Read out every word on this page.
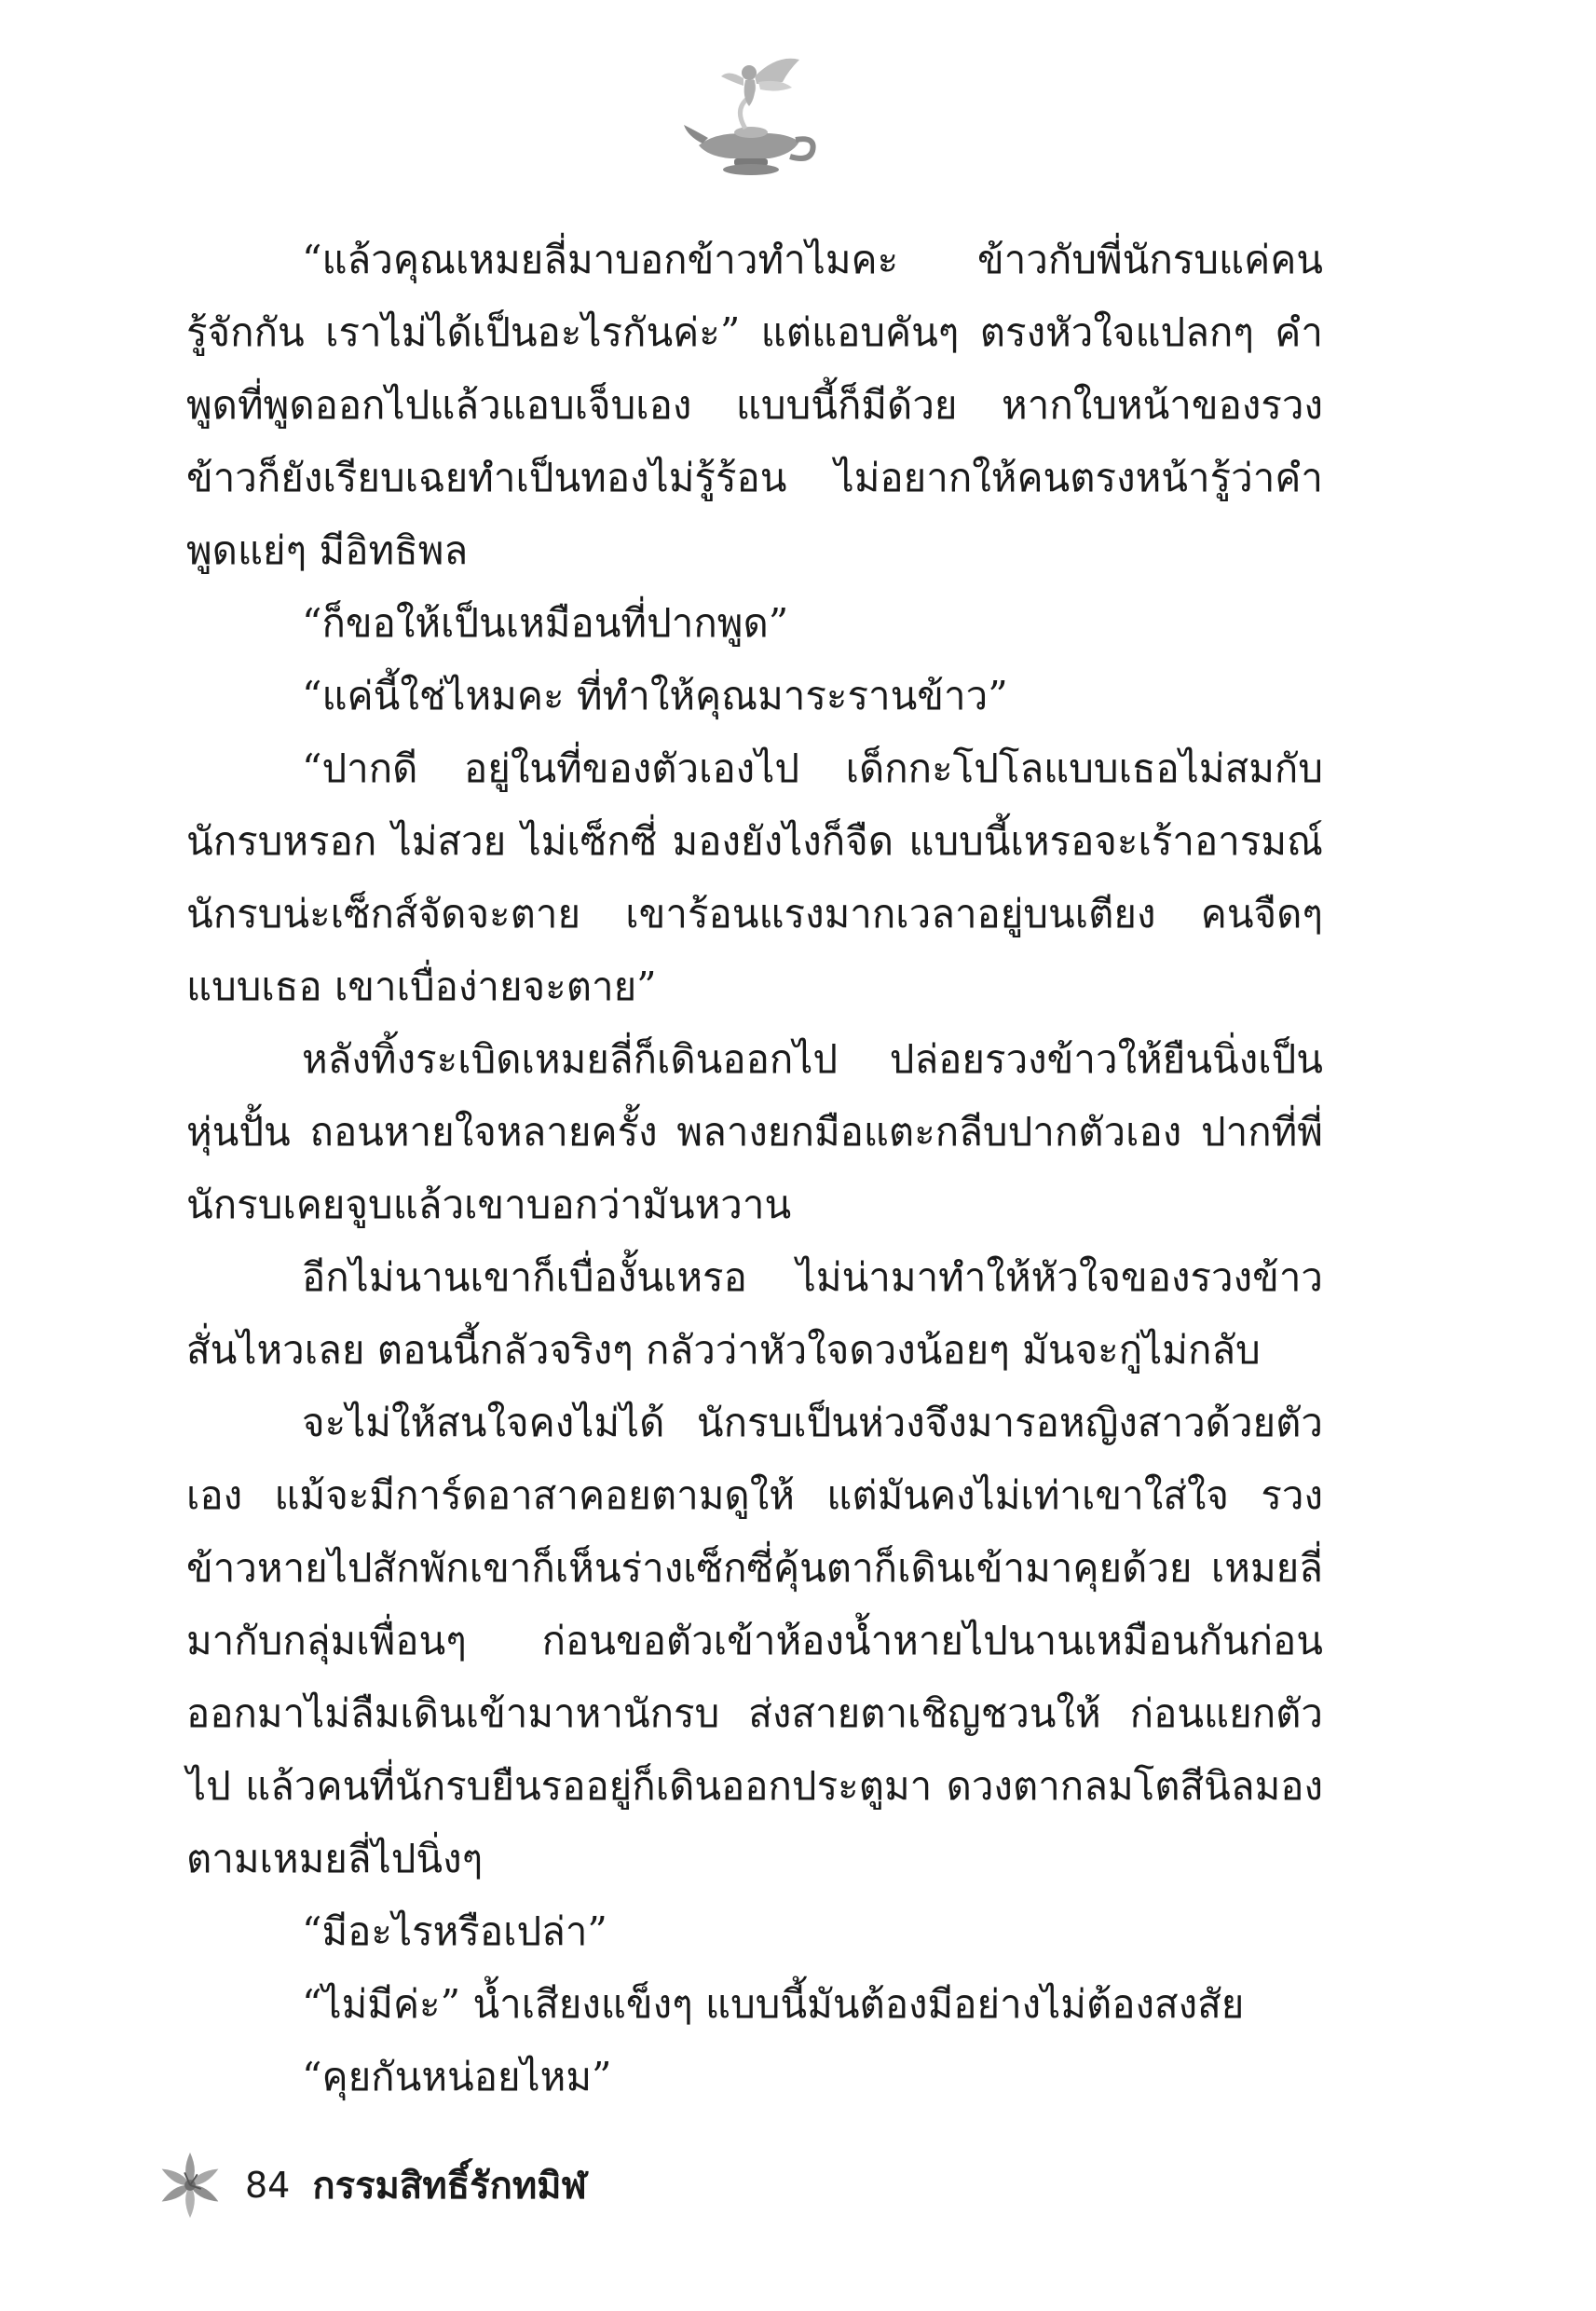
“แล้วคุณเหมยลี่มาบอกข้าวทำไมคะ ข้าวกับพี่นักรบแค่คนรู้จักกัน เราไม่ได้เป็นอะไรกันค่ะ” แต่แอบคันๆ ตรงหัวใจแปลกๆ คำพูดที่พูดออกไปแล้วแอบเจ็บเอง แบบนี้ก็มีด้วย หากใบหน้าของรวงข้าวก็ยังเรียบเฉยทำเป็นทองไม่รู้ร้อน ไม่อยากให้คนตรงหน้ารู้ว่าคำพูดแย่ๆ มีอิทธิพล

“ก็ขอให้เป็นเหมือนที่ปากพูด”

“แค่นี้ใช่ไหมคะ ที่ทำให้คุณมาระรานข้าว”

“ปากดี อยู่ในที่ของตัวเองไป เด็กกะโปโลแบบเธอไม่สมกับนักรบหรอก ไม่สวย ไม่เซ็กซี่ มองยังไงก็จืด แบบนี้เหรอจะเร้าอารมณ์นักรบน่ะเซ็กส์จัดจะตาย เขาร้อนแรงมากเวลาอยู่บนเตียง คนจืดๆ แบบเธอ เขาเบื่อง่ายจะตาย”

หลังทิ้งระเบิดเหมยลี่ก็เดินออกไป ปล่อยรวงข้าวให้ยืนนิ่งเป็นหุ่นปั้น ถอนหายใจหลายครั้ง พลางยกมือแตะกลีบปากตัวเอง ปากที่พี่นักรบเคยจูบแล้วเขาบอกว่ามันหวาน

อีกไม่นานเขาก็เบื่องั้นเหรอ ไม่น่ามาทำให้หัวใจของรวงข้าวสั่นไหวเลย ตอนนี้กลัวจริงๆ กลัวว่าหัวใจดวงน้อยๆ มันจะกู่ไม่กลับ

จะไม่ให้สนใจคงไม่ได้ นักรบเป็นห่วงจึงมารอหญิงสาวด้วยตัวเอง แม้จะมีการ์ดอาสาคอยตามดูให้ แต่มันคงไม่เท่าเขาใส่ใจ รวงข้าวหายไปสักพักเขาก็เห็นร่างเซ็กซี่คุ้นตาก็เดินเข้ามาคุยด้วย เหมยลี่มากับกลุ่มเพื่อนๆ ก่อนขอตัวเข้าห้องน้ำหายไปนานเหมือนกันก่อนออกมาไม่ลืมเดินเข้ามาหานักรบ ส่งสายตาเชิญชวนให้ ก่อนแยกตัวไป แล้วคนที่นักรบยืนรออยู่ก็เดินออกประตูมา ดวงตากลมโตสีนิลมองตามเหมยลี่ไปนิ่งๆ

“มีอะไรหรือเปล่า”

“ไม่มีค่ะ” น้ำเสียงแข็งๆ แบบนี้มันต้องมีอย่างไม่ต้องสงสัย

“คุยกันหน่อยไหม”

84 กรรมสิทธิ์รักทมิฬ
